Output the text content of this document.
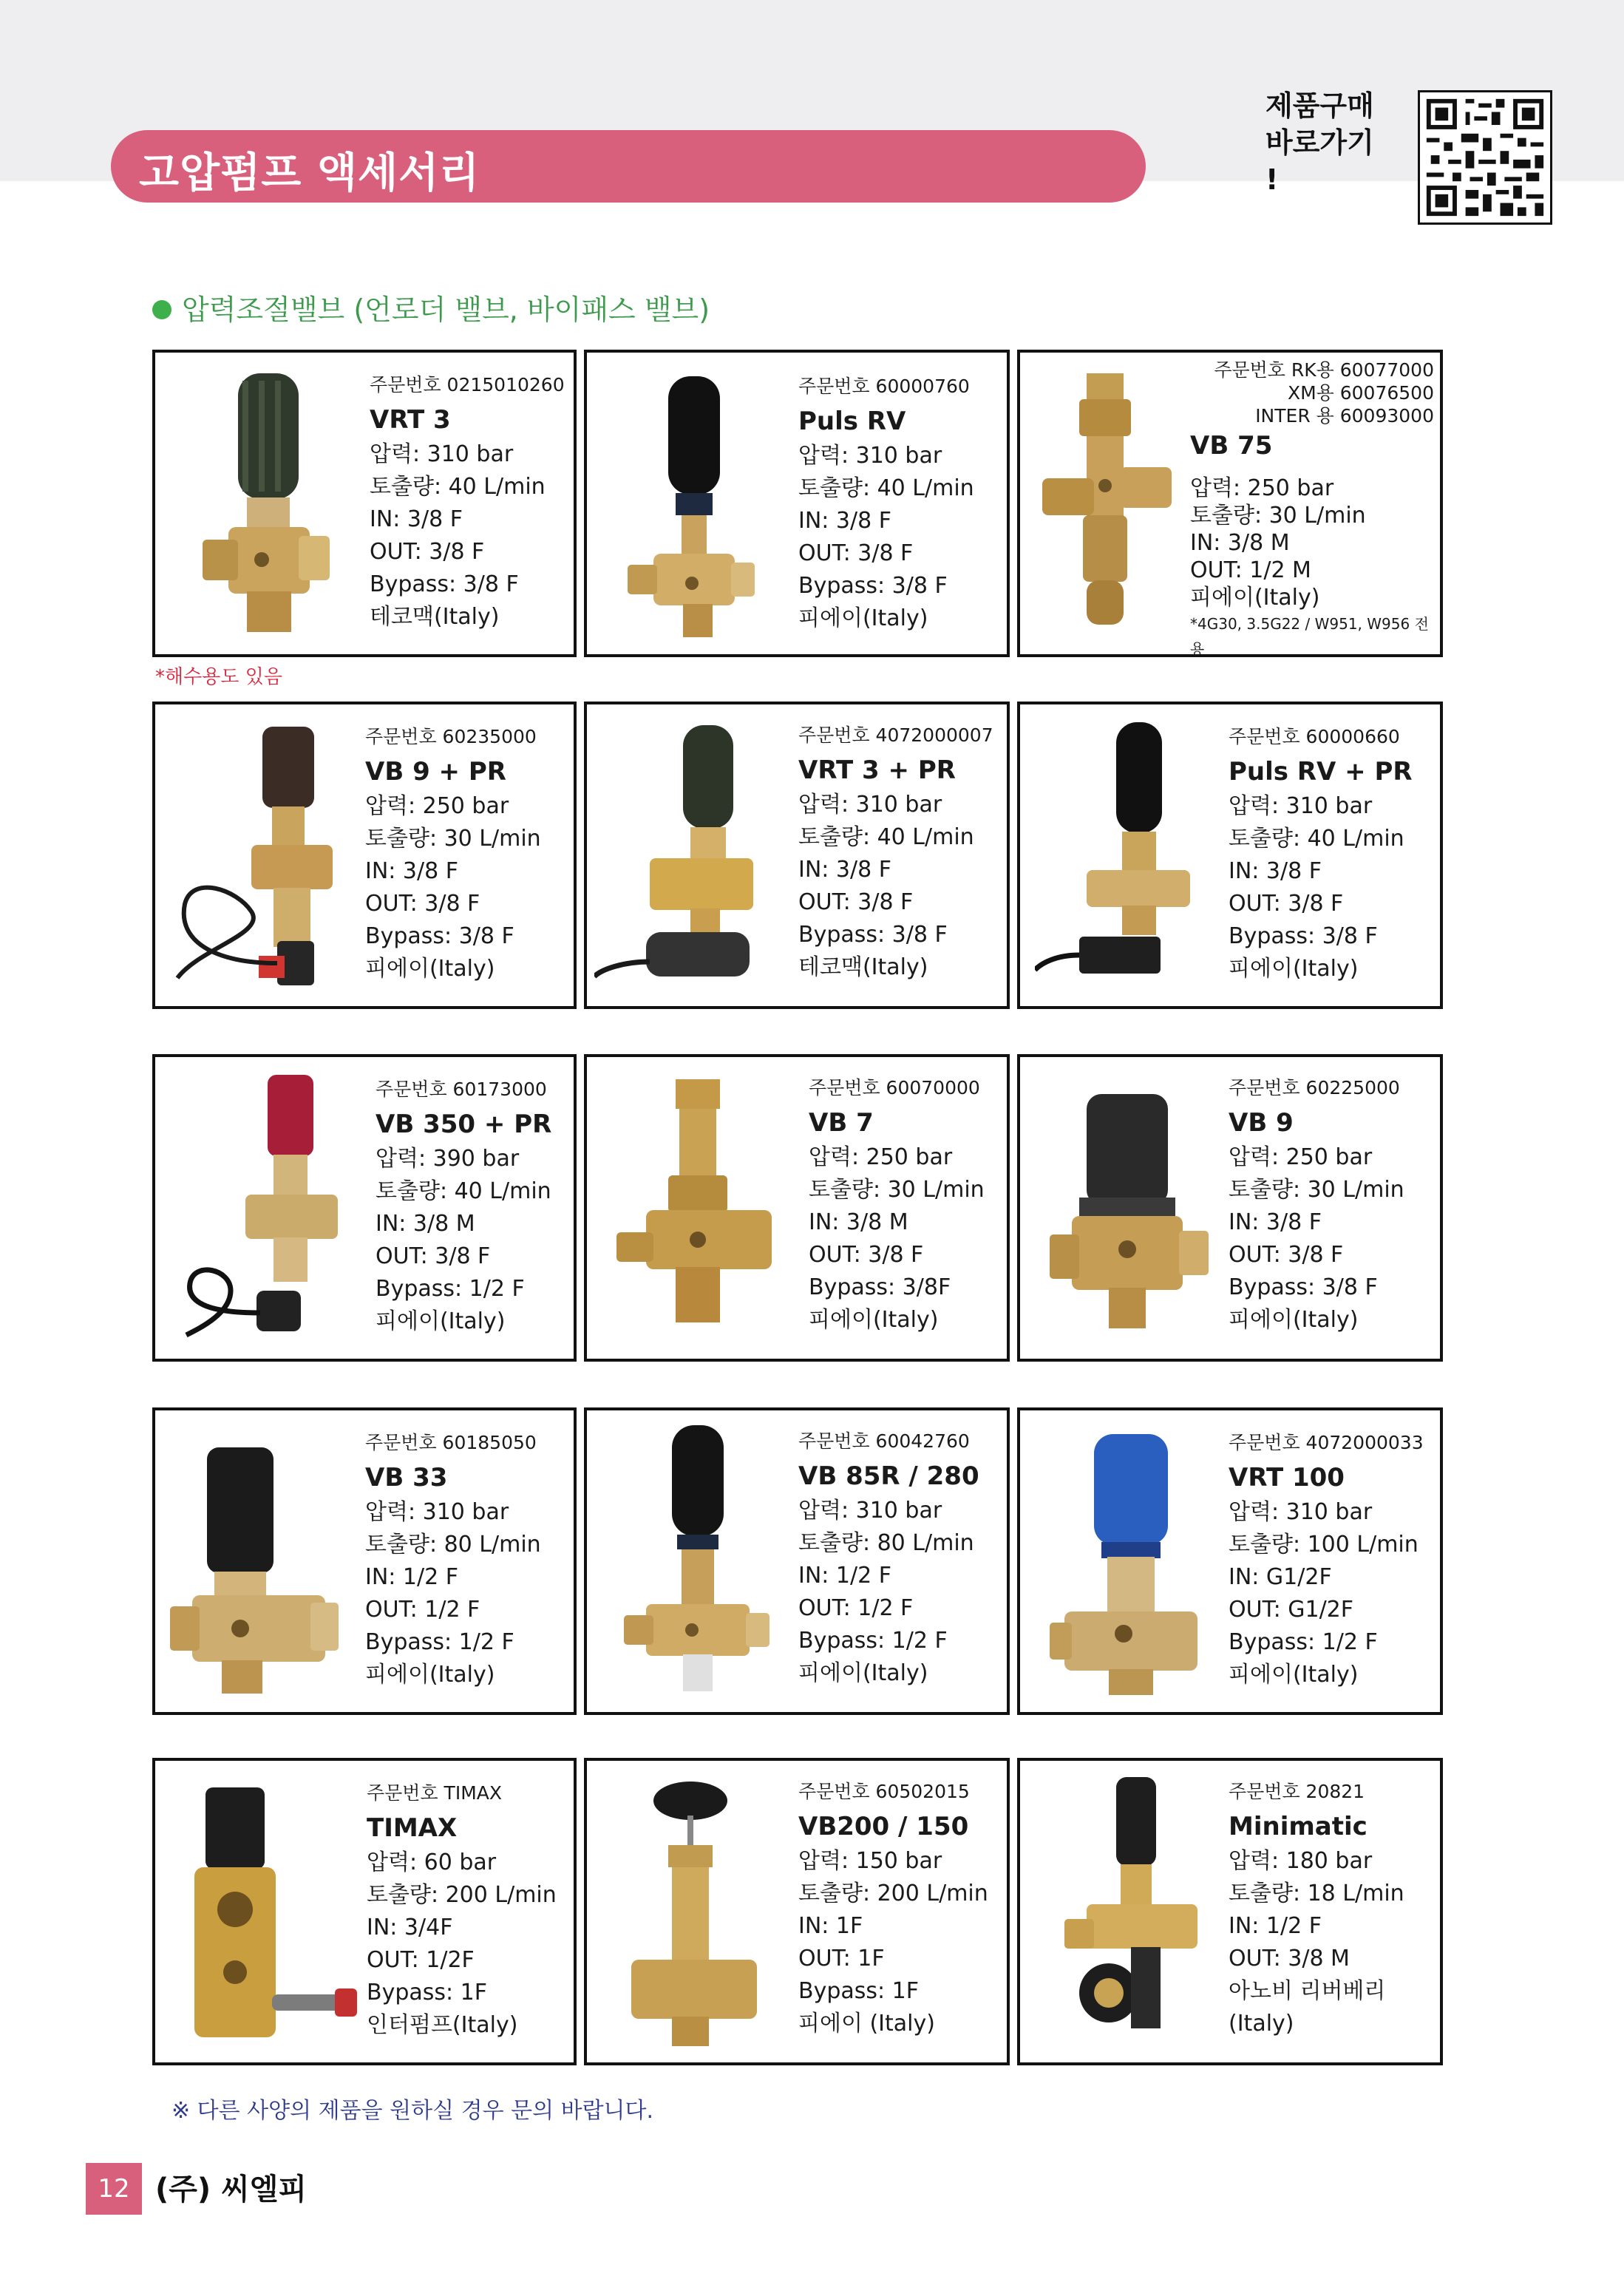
고압펌프 액세서리
제품구매
바로가기 !
압력조절밸브 (언로더 밸브, 바이패스 밸브)
주문번호 0215010260
VRT 3
압력: 310 bar
토출량: 40 L/min
IN: 3/8 F
OUT: 3/8 F
Bypass: 3/8 F
테코맥(Italy)
주문번호 60000760
Puls RV
압력: 310 bar
토출량: 40 L/min
IN: 3/8 F
OUT: 3/8 F
Bypass: 3/8 F
피에이(Italy)
주문번호 RK용 60077000
XM용 60076500
INTER 용 60093000
VB 75
압력: 250 bar
토출량: 30 L/min
IN: 3/8 M
OUT: 1/2 M
피에이(Italy)
*4G30, 3.5G22 / W951, W956 전용
*해수용도 있음
주문번호 60235000
VB 9 + PR
압력: 250 bar
토출량: 30 L/min
IN: 3/8 F
OUT: 3/8 F
Bypass: 3/8 F
피에이(Italy)
주문번호 4072000007
VRT 3 + PR
압력: 310 bar
토출량: 40 L/min
IN: 3/8 F
OUT: 3/8 F
Bypass: 3/8 F
테코맥(Italy)
주문번호 60000660
Puls RV + PR
압력: 310 bar
토출량: 40 L/min
IN: 3/8 F
OUT: 3/8 F
Bypass: 3/8 F
피에이(Italy)
주문번호 60173000
VB 350 + PR
압력: 390 bar
토출량: 40 L/min
IN: 3/8 M
OUT: 3/8 F
Bypass: 1/2 F
피에이(Italy)
주문번호 60070000
VB 7
압력: 250 bar
토출량: 30 L/min
IN: 3/8 M
OUT: 3/8 F
Bypass: 3/8F
피에이(Italy)
주문번호 60225000
VB 9
압력: 250 bar
토출량: 30 L/min
IN: 3/8 F
OUT: 3/8 F
Bypass: 3/8 F
피에이(Italy)
주문번호 60185050
VB 33
압력: 310 bar
토출량: 80 L/min
IN: 1/2 F
OUT: 1/2 F
Bypass: 1/2 F
피에이(Italy)
주문번호 60042760
VB 85R / 280
압력: 310 bar
토출량: 80 L/min
IN: 1/2 F
OUT: 1/2 F
Bypass: 1/2 F
피에이(Italy)
주문번호 4072000033
VRT 100
압력: 310 bar
토출량: 100 L/min
IN: G1/2F
OUT: G1/2F
Bypass: 1/2 F
피에이(Italy)
주문번호 TIMAX
TIMAX
압력: 60 bar
토출량: 200 L/min
IN: 3/4F
OUT: 1/2F
Bypass: 1F
인터펌프(Italy)
주문번호 60502015
VB200 / 150
압력: 150 bar
토출량: 200 L/min
IN: 1F
OUT: 1F
Bypass: 1F
피에이 (Italy)
주문번호 20821
Minimatic
압력: 180 bar
토출량: 18 L/min
IN: 1/2 F
OUT: 3/8 M
아노비 리버베리
(Italy)
※ 다른 사양의 제품을 원하실 경우 문의 바랍니다.
12 (주) 씨엘피
